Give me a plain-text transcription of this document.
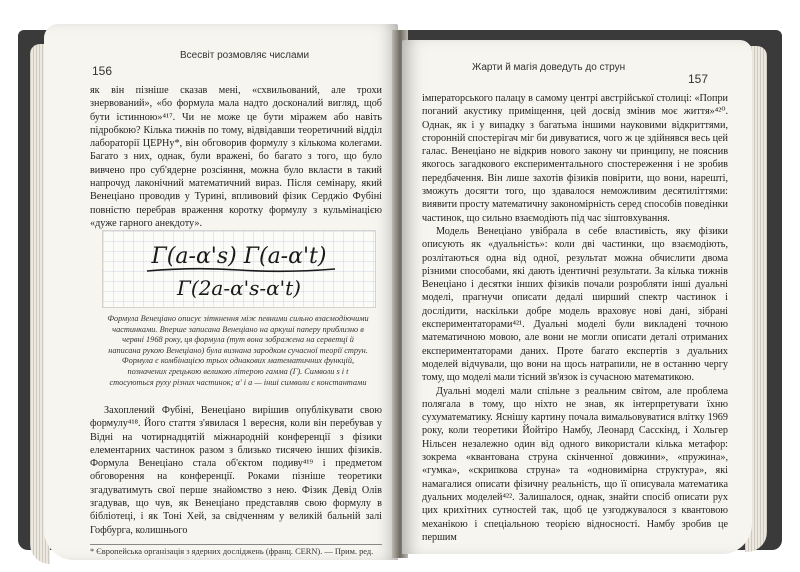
156
Всесвіт розмовляє числами

як він пізніше сказав мені, «схвильований, але трохи знервований», «бо формула мала надто досконалий вигляд, щоб бути істинною»⁴¹⁷. Чи не може це бути міражем або навіть підробкою? Кілька тижнів по тому, відвідавши теоретичний відділ лабораторії ЦЕРНу*, він обговорив формулу з кількома колегами. Багато з них, однак, були вражені, бо багато з того, що було вивчено про суб'ядерне розсіяння, можна було вкласти в такий напрочуд лаконічний математичний вираз. Після семінару, який Венеціано проводив у Турині, впливовий фізик Серджіо Фубіні повністю перебрав враження коротку формулу з кульмінацією «дуже гарного анекдоту».

Γ(a-α's) Γ(a-α't)
Γ(2a-α's-α't)
Формула Венеціано описує зіткнення між певними сильно взаємодіючими частинками. Вперше записана Венеціано на аркуші паперу приблизно в червні 1968 року, ця формула (тут вона зображена на серветці й написана рукою Венеціано) була визнана зародком сучасної теорії струн. Формула є комбінацією трьох однакових математичних функцій, позначених грецькою великою літерою гамма (Γ). Символи s і t стосуються руху різних частинок; α' і а — інші символи є константами

Захоплений Фубіні, Венеціано вирішив опублікувати свою формулу⁴¹⁸. Його стаття з'явилася 1 вересня, коли він перебував у Відні на чотирнадцятій міжнародній конференції з фізики елементарних частинок разом з близько тисячею інших фізиків. Формула Венеціано стала об'єктом подиву⁴¹⁹ і предметом обговорення на конференції. Роками пізніше теоретики згадуватимуть свої перше знайомство з нею. Фізик Девід Олів згадував, що чув, як Венеціано представляв свою формулу в бібліотеці, і як Тоні Хей, за свідченням у великій бальній залі Гофбурга, колишнього

* Європейська організація з ядерних досліджень (франц. CERN). — Прим. ред.
Жарти й магія доведуть до струн
157

імператорського палацу в самому центрі австрійської столиці: «Попри поганий акустику приміщення, цей досвід змінив моє життя»⁴²⁰. Однак, як і у випадку з багатьма іншими науковими відкриттями, сторонній спостерігач міг би дивуватися, чого ж це здійнявся весь цей галас. Венеціано не відкрив нового закону чи принципу, не пояснив якогось загадкового експериментального спостереження і не зробив передбачення. Він лише захотів фізиків повірити, що вони, нарешті, зможуть досягти того, що здавалося неможливим десятиліттями: виявити просту математичну закономірність серед способів поведінки частинок, що сильно взаємодіють під час зіштовхування.

Модель Венеціано увібрала в себе властивість, яку фізики описують як «дуальність»: коли дві частинки, що взаємодіють, розлітаються одна від одної, результат можна обчислити двома різними способами, які дають ідентичні результати. За кілька тижнів Венеціано і десятки інших фізиків почали розробляти інші дуальні моделі, прагнучи описати дедалі ширший спектр частинок і дослідити, наскільки добре модель враховує нові дані, зібрані експериментаторами⁴²¹. Дуальні моделі були викладені точною математичною мовою, але вони не могли описати деталі отриманих експериментаторами даних. Проте багато експертів з дуальних моделей відчували, що вони на щось натрапили, не в останню чергу тому, що моделі мали тісний зв'язок із сучасною математикою.

Дуальні моделі мали спільне з реальним світом, але проблема полягала в тому, що ніхто не знав, як інтерпретувати їхню сухуматематику. Яснішу картину почала вимальовуватися влітку 1969 року, коли теоретики Йойтіро Намбу, Леонард Сасскінд, і Хольгер Нільсен незалежно один від одного використали кілька метафор: зокрема «квантована струна скінченної довжини», «пружина», «гумка», «скрипкова струна» та «одновимірна структура», які намагалися описати фізичну реальність, що її описувала математика дуальних моделей⁴²². Залишалося, однак, знайти спосіб описати рух цих крихітних сутностей так, щоб це узгоджувалося з квантовою механікою і спеціальною теорією відносності. Намбу зробив це першим
